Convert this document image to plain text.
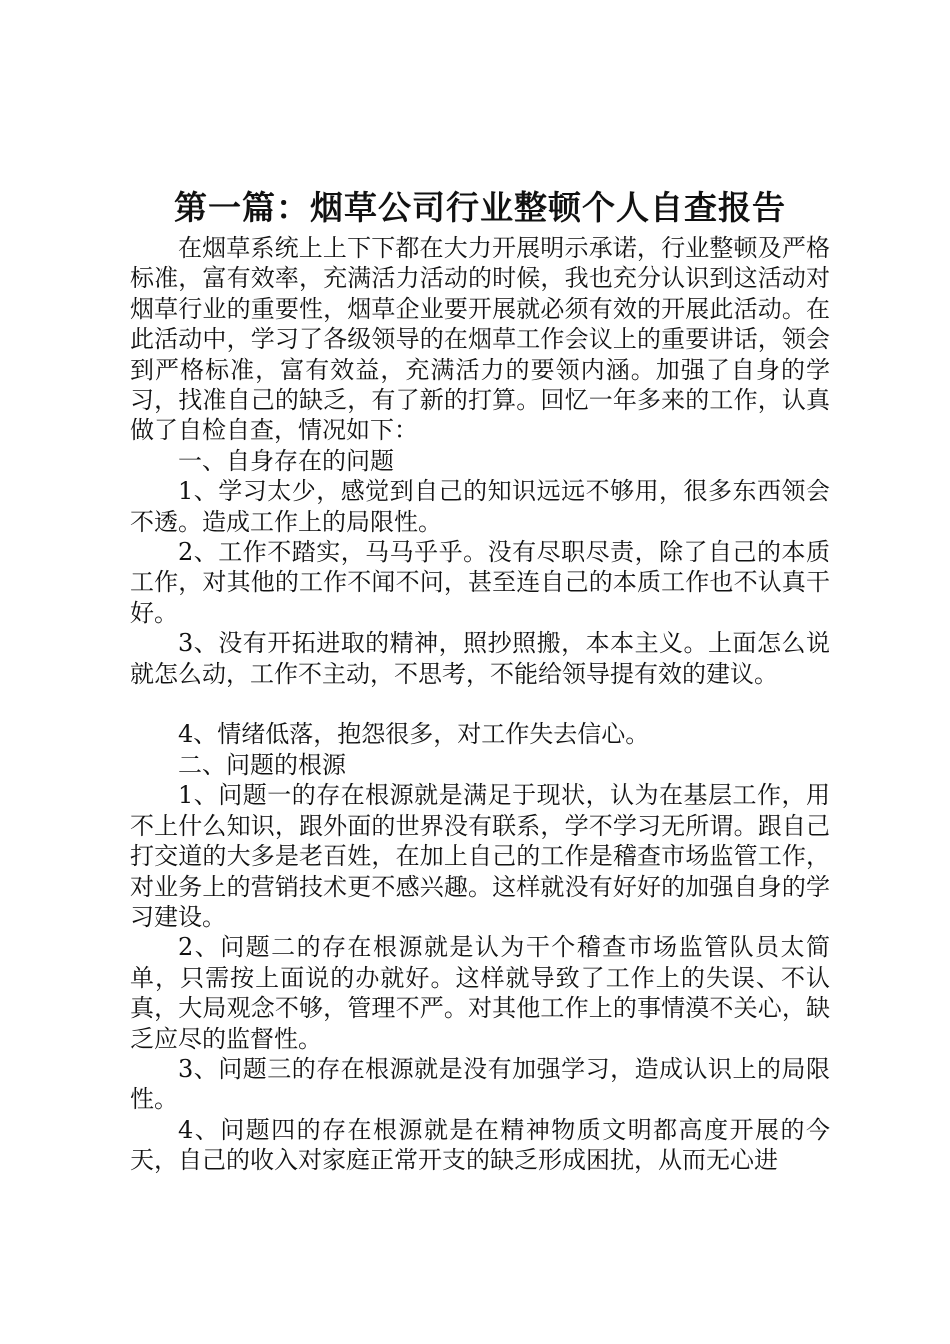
第一篇：烟草公司行业整顿个人自查报告

在烟草系统上上下下都在大力开展明示承诺，行业整顿及严格标准，富有效率，充满活力活动的时候，我也充分认识到这活动对烟草行业的重要性，烟草企业要开展就必须有效的开展此活动。在此活动中，学习了各级领导的在烟草工作会议上的重要讲话，领会到严格标准，富有效益，充满活力的要领内涵。加强了自身的学习，找准自己的缺乏，有了新的打算。回忆一年多来的工作，认真做了自检自查，情况如下：

一、自身存在的问题

1、学习太少，感觉到自己的知识远远不够用，很多东西领会不透。造成工作上的局限性。

2、工作不踏实，马马乎乎。没有尽职尽责，除了自己的本质工作，对其他的工作不闻不问，甚至连自己的本质工作也不认真干好。

3、没有开拓进取的精神，照抄照搬，本本主义。上面怎么说就怎么动，工作不主动，不思考，不能给领导提有效的建议。

4、情绪低落，抱怨很多，对工作失去信心。

二、问题的根源

1、问题一的存在根源就是满足于现状，认为在基层工作，用不上什么知识，跟外面的世界没有联系，学不学习无所谓。跟自己打交道的大多是老百姓，在加上自己的工作是稽查市场监管工作，对业务上的营销技术更不感兴趣。这样就没有好好的加强自身的学习建设。

2、问题二的存在根源就是认为干个稽查市场监管队员太简单，只需按上面说的办就好。这样就导致了工作上的失误、不认真，大局观念不够，管理不严。对其他工作上的事情漠不关心，缺乏应尽的监督性。

3、问题三的存在根源就是没有加强学习，造成认识上的局限性。

4、问题四的存在根源就是在精神物质文明都高度开展的今天，自己的收入对家庭正常开支的缺乏形成困扰，从而无心进
